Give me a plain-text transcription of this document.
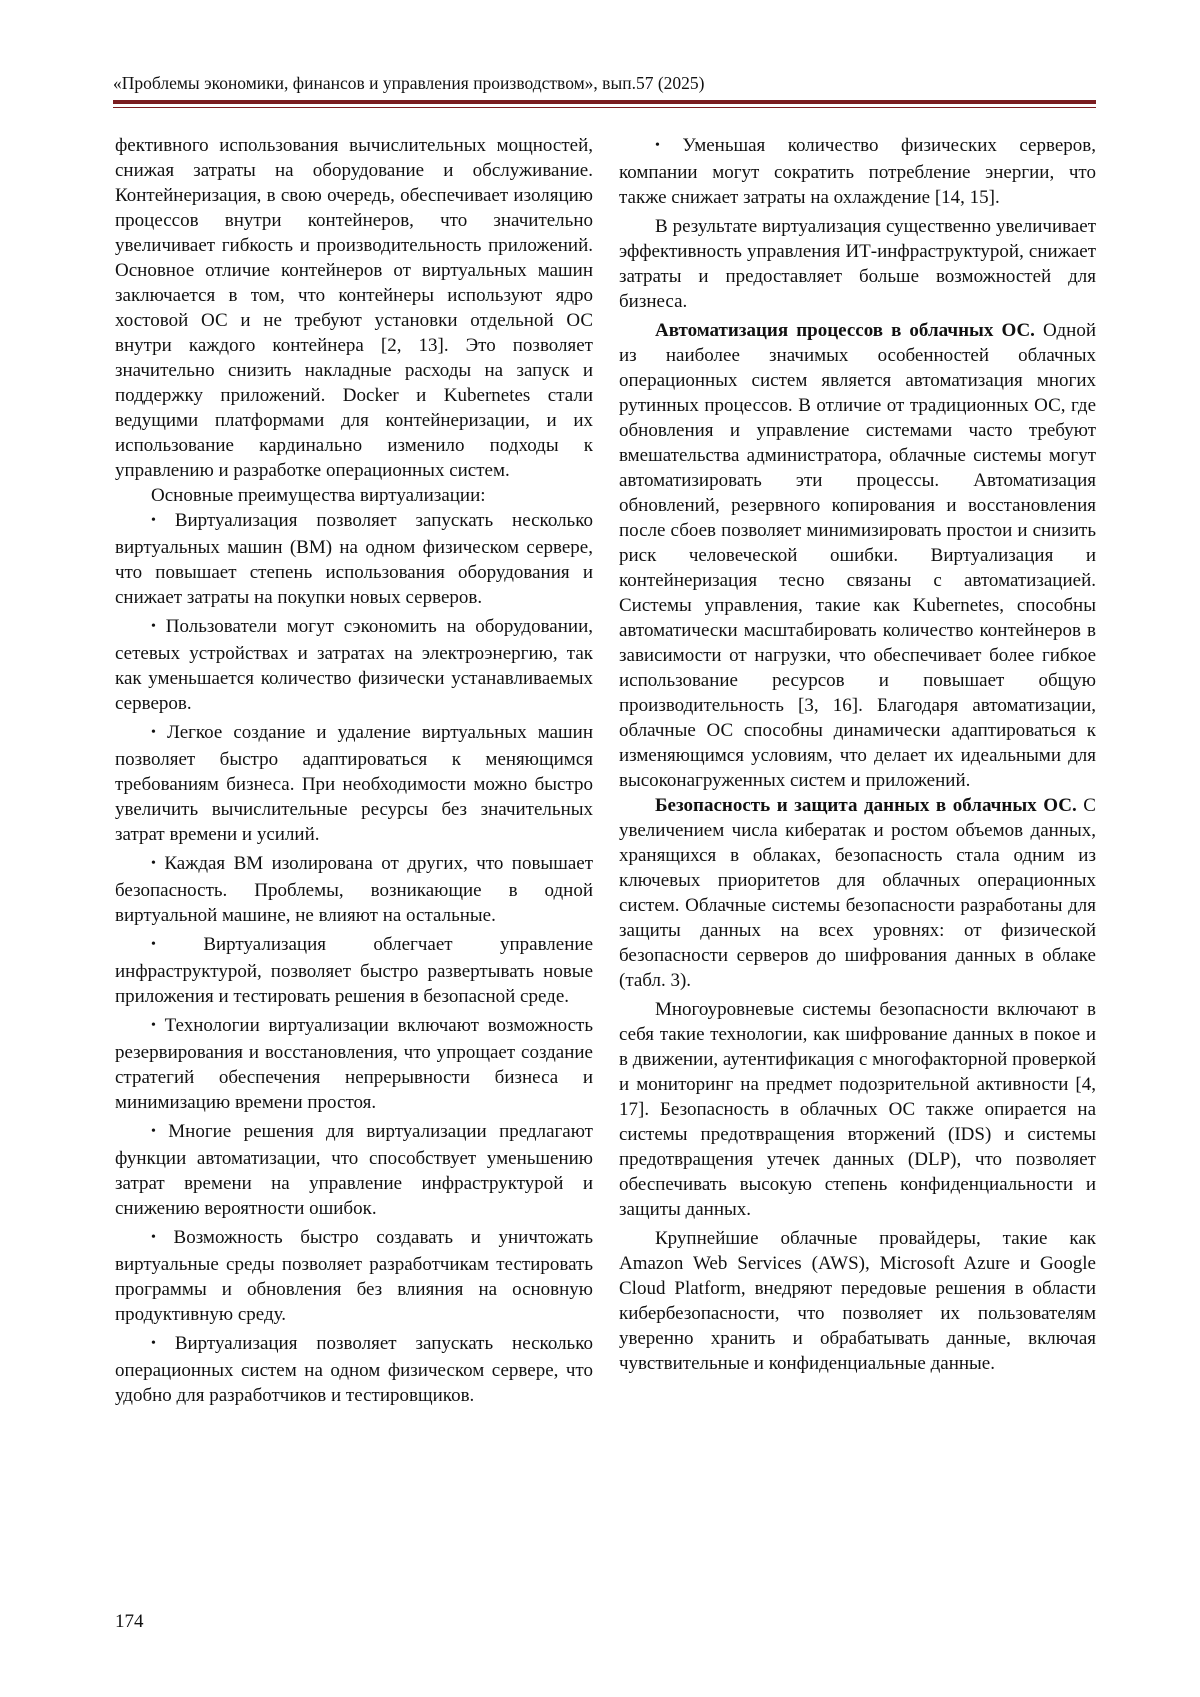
«Проблемы экономики, финансов и управления производством», вып.57 (2025)

фективного использования вычислительных мощностей, снижая затраты на оборудование и обслуживание. Контейнеризация, в свою очередь, обеспечивает изоляцию процессов внутри контейнеров, что значительно увеличивает гибкость и производительность приложений. Основное отличие контейнеров от виртуальных машин заключается в том, что контейнеры используют ядро хостовой ОС и не требуют установки отдельной ОС внутри каждого контейнера [2, 13]. Это позволяет значительно снизить накладные расходы на запуск и поддержку приложений. Docker и Kubernetes стали ведущими платформами для контейнеризации, и их использование кардинально изменило подходы к управлению и разработке операционных систем.

Основные преимущества виртуализации:

• Виртуализация позволяет запускать несколько виртуальных машин (ВМ) на одном физическом сервере, что повышает степень использования оборудования и снижает затраты на покупки новых серверов.

• Пользователи могут сэкономить на оборудовании, сетевых устройствах и затратах на электроэнергию, так как уменьшается количество физически устанавливаемых серверов.

• Легкое создание и удаление виртуальных машин позволяет быстро адаптироваться к меняющимся требованиям бизнеса. При необходимости можно быстро увеличить вычислительные ресурсы без значительных затрат времени и усилий.

• Каждая ВМ изолирована от других, что повышает безопасность. Проблемы, возникающие в одной виртуальной машине, не влияют на остальные.

• Виртуализация облегчает управление инфраструктурой, позволяет быстро развертывать новые приложения и тестировать решения в безопасной среде.

• Технологии виртуализации включают возможность резервирования и восстановления, что упрощает создание стратегий обеспечения непрерывности бизнеса и минимизацию времени простоя.

• Многие решения для виртуализации предлагают функции автоматизации, что способствует уменьшению затрат времени на управление инфраструктурой и снижению вероятности ошибок.

• Возможность быстро создавать и уничтожать виртуальные среды позволяет разработчикам тестировать программы и обновления без влияния на основную продуктивную среду.

• Виртуализация позволяет запускать несколько операционных систем на одном физическом сервере, что удобно для разработчиков и тестировщиков.

• Уменьшая количество физических серверов, компании могут сократить потребление энергии, что также снижает затраты на охлаждение [14, 15].

В результате виртуализация существенно увеличивает эффективность управления ИТ-инфраструктурой, снижает затраты и предоставляет больше возможностей для бизнеса.

Автоматизация процессов в облачных ОС. Одной из наиболее значимых особенностей облачных операционных систем является автоматизация многих рутинных процессов. В отличие от традиционных ОС, где обновления и управление системами часто требуют вмешательства администратора, облачные системы могут автоматизировать эти процессы. Автоматизация обновлений, резервного копирования и восстановления после сбоев позволяет минимизировать простои и снизить риск человеческой ошибки. Виртуализация и контейнеризация тесно связаны с автоматизацией. Системы управления, такие как Kubernetes, способны автоматически масштабировать количество контейнеров в зависимости от нагрузки, что обеспечивает более гибкое использование ресурсов и повышает общую производительность [3, 16]. Благодаря автоматизации, облачные ОС способны динамически адаптироваться к изменяющимся условиям, что делает их идеальными для высоконагруженных систем и приложений.

Безопасность и защита данных в облачных ОС. С увеличением числа кибератак и ростом объемов данных, хранящихся в облаках, безопасность стала одним из ключевых приоритетов для облачных операционных систем. Облачные системы безопасности разработаны для защиты данных на всех уровнях: от физической безопасности серверов до шифрования данных в облаке (табл. 3).

Многоуровневые системы безопасности включают в себя такие технологии, как шифрование данных в покое и в движении, аутентификация с многофакторной проверкой и мониторинг на предмет подозрительной активности [4, 17]. Безопасность в облачных ОС также опирается на системы предотвращения вторжений (IDS) и системы предотвращения утечек данных (DLP), что позволяет обеспечивать высокую степень конфиденциальности и защиты данных.

Крупнейшие облачные провайдеры, такие как Amazon Web Services (AWS), Microsoft Azure и Google Cloud Platform, внедряют передовые решения в области кибербезопасности, что позволяет их пользователям уверенно хранить и обрабатывать данные, включая чувствительные и конфиденциальные данные.

174
